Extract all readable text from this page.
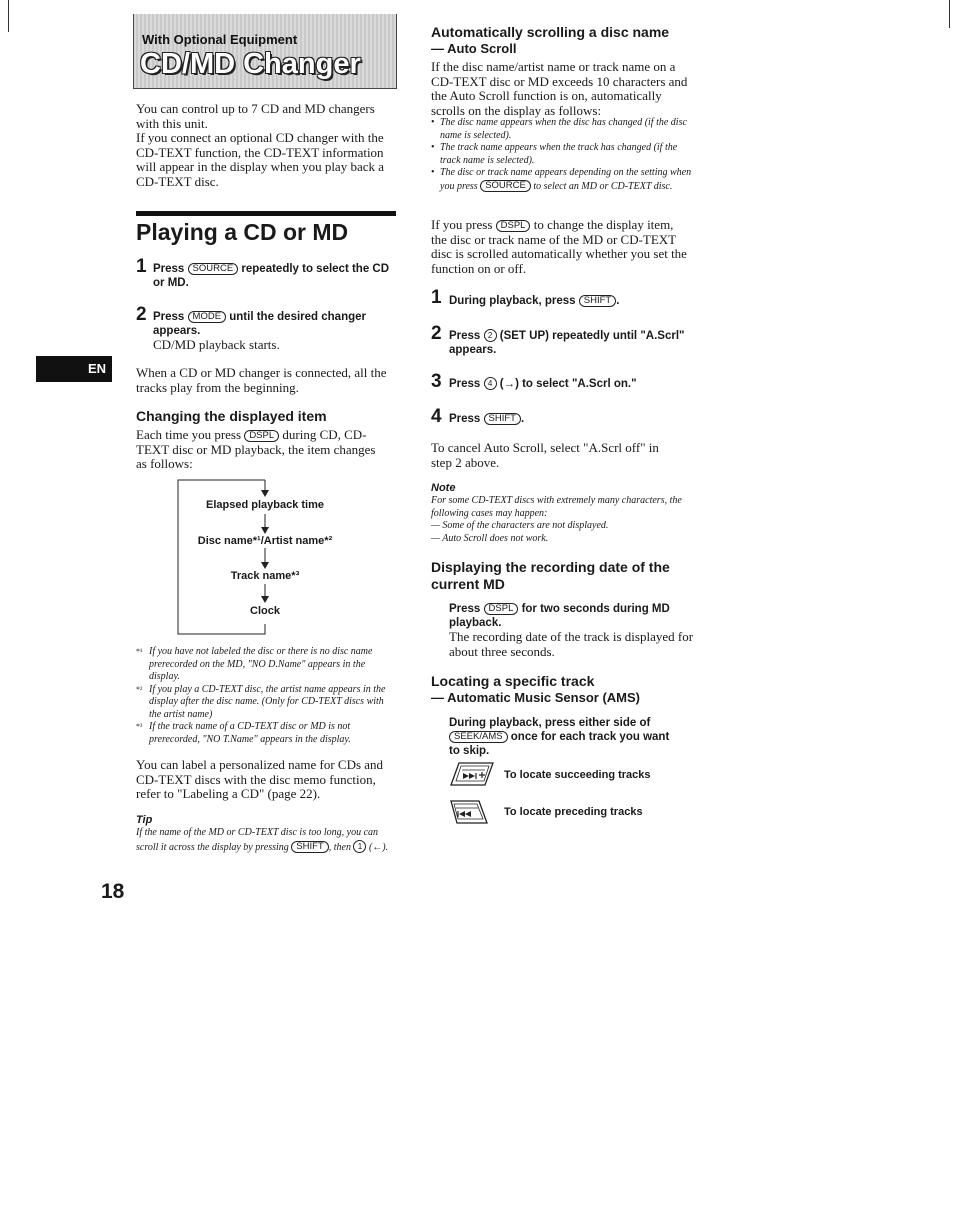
With Optional Equipment
CD/MD Changer
You can control up to 7 CD and MD changers with this unit.
If you connect an optional CD changer with the CD-TEXT function, the CD-TEXT information will appear in the display when you play back a CD-TEXT disc.
Playing a CD or MD
1 Press SOURCE repeatedly to select the CD or MD.
2 Press MODE until the desired changer appears.
CD/MD playback starts.
When a CD or MD changer is connected, all the tracks play from the beginning.
EN
Changing the displayed item
Each time you press DSPL during CD, CD-TEXT disc or MD playback, the item changes as follows:
Elapsed playback time
Disc name*¹/Artist name*²
Track name*³
Clock
*¹ If you have not labeled the disc or there is no disc name prerecorded on the MD, "NO D.Name" appears in the display.
*² If you play a CD-TEXT disc, the artist name appears in the display after the disc name. (Only for CD-TEXT discs with the artist name)
*³ If the track name of a CD-TEXT disc or MD is not prerecorded, "NO T.Name" appears in the display.
You can label a personalized name for CDs and CD-TEXT discs with the disc memo function, refer to "Labeling a CD" (page 22).
Tip
If the name of the MD or CD-TEXT disc is too long, you can scroll it across the display by pressing SHIFT , then 1 (←).
18
Automatically scrolling a disc name
— Auto Scroll
If the disc name/artist name or track name on a CD-TEXT disc or MD exceeds 10 characters and the Auto Scroll function is on, automatically scrolls on the display as follows:
• The disc name appears when the disc has changed (if the disc name is selected).
• The track name appears when the track has changed (if the track name is selected).
• The disc or track name appears depending on the setting when you press SOURCE to select an MD or CD-TEXT disc.
If you press DSPL to change the display item, the disc or track name of the MD or CD-TEXT disc is scrolled automatically whether you set the function on or off.
1 During playback, press SHIFT .
2 Press 2 (SET UP) repeatedly until "A.Scrl" appears.
3 Press 4 (→) to select "A.Scrl on."
4 Press SHIFT .
To cancel Auto Scroll, select "A.Scrl off" in step 2 above.
Note
For some CD-TEXT discs with extremely many characters, the following cases may happen:
— Some of the characters are not displayed.
— Auto Scroll does not work.
Displaying the recording date of the current MD
Press DSPL for two seconds during MD playback.
The recording date of the track is displayed for about three seconds.
Locating a specific track
— Automatic Music Sensor (AMS)
During playback, press either side of SEEK/AMS once for each track you want to skip.
To locate succeeding tracks
To locate preceding tracks
